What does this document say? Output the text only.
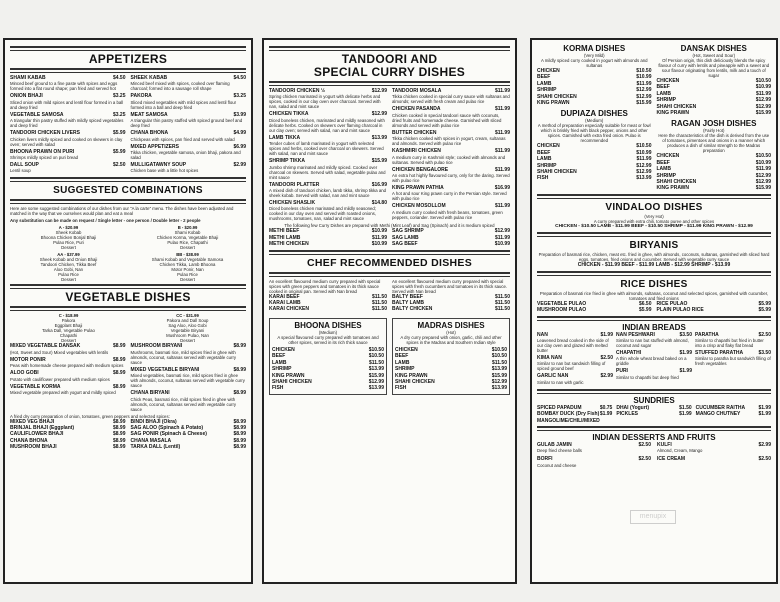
APPETIZERS
SHAMI KABAB	$4.50
Minced beef ground to a fine paste with spices and eggs formed into a flat round shape; pan fried and served hot
ONION BHAJI	$3.25
Sliced onion with mild spices and lentil flour formed in a ball and deep fried
VEGETABLE SAMOSA	$3.25
A triangular thin pastry stuffed with mildly spiced vegetables and deep fried
TANDOORI CHICKEN LIVERS	$5.99
Chicken livers mildly spiced and cooked on skewers in clay oven; served with salad
BHOONA PRAWN ON PURI	$5.99
Shrimps mildly spiced on puri bread
DALL SOUP	$2.50
Lentil soup
SHEEK KABAB	$4.50
Minced beef mixed with spices, cooked over flaming charcoal; formed into a sausage roll shape
PAKORA	$3.25
Sliced mixed vegetables with mild spices and lentil flour formed into a ball and deep fried
MEAT SAMOSA	$3.99
A triangular thin pastry stuffed with spiced ground beef and deep fried
CHANA BHONA	$4.99
Chickpeas with spices, pan fried and served with salad
MIXED APPETIZERS	$6.99
Tikka chicken, vegetable samosa, onion bhaji, pakora and salad
MULLIGATAWNY SOUP	$2.99
Chicken base with a little hot spices
SUGGESTED COMBINATIONS
Here are some suggested combinations of our dishes from our "A la carte" menu. The dishes have been adjusted and matched in the way that we ourselves would plan and eat a meal
Any substitution can be made on request / Single letter - one person / Double letter - 2 people
A - $20.99
Sheek Kobab
Bhoona Chicken Bonjal Bhaji
Pulao Rice, Puri
Dessert
B - $20.99
Shami Kobab
Chicken Korma, Vegetable Bhaji
Pulao Rice, Chapathi
Dessert
AA - $37.99
Sheek Kobab and Onion Bhaji
Tandoori Chicken, Tikka Beef
Aloo Gobi, Nan
Pulao Rice
Dessert
BB - $38.99
Shami Kobab and Vegetable Samosa
Chicken Tikka, Lamb Bhoona
Motor Ponir, Nan
Pulao Rice
Dessert
VEGETABLE DISHES
C - $18.99
Pakora
Eggplant Bhaji
Tarka Dall, Vegetable Pulao
Chapathi
Dessert
CC - $31.99
Pakora and Dall Soup
Sag Aloo, Aloo Gobi
Vegetable Biryani
Mushroom Pulao, Nan
Dessert
MIXED VEGETABLE DANSAK	$8.99
(Hot, Sweet and Sour) Mixed vegetables with lentils
MOTOR PONIR	$8.99
Peas with homemade cheese prepared with medium spices
ALOO GOBI	$8.99
Potato with cauliflower prepared with medium spices
VEGETABLE KORMA	$8.99
Mixed vegetable prepared with yogurt and mildly spiced
MUSHROOM BIRYANI	$8.99
Mushrooms, basmati rice, mild spices fried in ghee with almonds, coconut, sultanas served with vegetable curry sauce
MIXED VEGETABLE BIRYANI	$8.99
Mixed vegetables, basmati rice, mild spices fried in ghee with almonds, coconut, sultanas served with vegetable curry sauce
CHANA BIRYANI	$8.99
Chick Peas, basmati rice, mild spices fried in ghee with almonds, coconut, sultanas served with vegetable curry sauce
A fried dry curry preparation of onion, tomatoes, green peppers and selected spices:
MIXED VEG BHAJI	$8.99
BRINJAL BHAJI (Eggplant)	$8.99
CAULIFLOWER BHAJI	$8.99
CHANA BHONA	$8.99
MUSHROOM BHAJI	$8.99
BINDI BHAJI (Okra)	$8.99
SAG ALOO (Spinach & Potato)	$8.99
SAG PONIR (Spinach & Cheese)	$8.99
CHANA MASALA	$8.99
TARKA DALL (Lentil)	$8.99
TANDOORI AND
SPECIAL CURRY DISHES
TANDOORI CHICKEN ½	$12.99
Spring chicken marinated in yogurt with delicate herbs and spices, cooked in our clay oven over charcoal. Served with nan, salad and mint sauce
CHICKEN TIKKA	$12.99
Diced boneless chicken, marinated and mildly seasoned with delicate herbs. Cooked on skewers over flaming charcoal in our clay oven; served with salad, nan and mint sauce
LAMB TIKKA	$13.99
Tender cubes of lamb marinated in yogurt with selected spices and herbs, cooked over charcoal on skewers. Served with salad, nan and mint sauce
SHRIMP TIKKA	$15.99
Jumbo shrimp marinated and mildly spiced. Cooked over charcoal on skewers. Served with salad, vegetable pulao and mint sauce
TANDOORI PLATTER	$16.99
A mixed dish of tandoori chicken, lamb tikka, shrimp tikka and sheek kobab. Served with salad, nan and mint sauce
CHICKEN SHASLIK	$14.80
Diced boneless chicken marinated and mildly seasoned; cooked in our clay oven and served with roasted onions, mushrooms, tomatoes, nan, salad and mint sauce
TANDOORI MOSALA	$11.99
Tikka chicken cooked in special curry sauce with sultanas and almonds; served with fresh cream and pulao rice
CHICKEN PASANDA	$11.99
Chicken cooked in special tandoori sauce with coconuts, dried fruits and homemade cheese. Garnished with sliced almonds and served with pulao rice
BUTTER CHICKEN	$11.99
Tikka chicken cooked with spices in yogurt, cream, sultanas and almonds. Served with pulao rice
KASHMIRI CHICKEN	$11.99
A medium curry in Kashmiri style; cooked with almonds and sultanas. Served with pulao rice
CHICKEN BENGALORE	$11.99
An extra hot highly flavoured curry, only for the daring. Served with pulao rice
KING PRAWN PATHIA	$16.99
A hot and sour King prawn curry in the Persian style. Served with pulao rice
CHICKEN MOSOLLOM	$11.99
A medium curry cooked with fresh beans, tomatoes, green peppers, coriander. Served with pulao rice
The following few Curry Dishes are prepared with Methi (Mint Leaf) and Sag (Spinach) and it is medium spiced
METHI BEEF	$10.99
METHI LAMB	$11.99
METHI CHICKEN	$10.99
SAG SHRIMP	$12.99
SAG LAMB	$11.99
SAG BEEF	$10.99
CHEF RECOMMENDED DISHES
An excellent flavoured medium curry prepared with special spices with green peppers and tomatoes in its thick sauce cooked in original pan. Served with Nan bread
KARAI BEEF	$11.50
KARAI LAMB	$11.50
KARAI CHICKEN	$11.50
An excellent flavoured medium curry prepared with special spices with fresh cucumbers and tomatoes in its thick sauce. Served with Nan bread
BALTY BEEF	$11.50
BALTY LAMB	$11.50
BALTY CHICKEN	$11.50
BHOONA DISHES
(Medium)
A special flavoured curry prepared with tomatoes and other spices, served in its rich thick sauce
CHICKEN	$10.50
BEEF	$10.50
LAMB	$11.50
SHRIMP	$13.99
KING PRAWN	$15.99
SHAHI CHICKEN	$12.99
FISH	$13.99
MADRAS DISHES
(Hot)
A dry curry prepared with onion, garlic, chili and other spices in the Madras and Southern Indian style
CHICKEN	$10.50
BEEF	$10.50
LAMB	$11.50
SHRIMP	$13.99
KING PRAWN	$15.99
SHAHI CHICKEN	$12.99
FISH	$13.99
KORMA DISHES
(Very Mild)
A mildly spiced curry cooked in yogurt with almonds and sultanas
CHICKEN	$10.50
BEEF	$10.99
LAMB	$11.99
SHRIMP	$12.99
SHAHI CHICKEN	$12.99
KING PRAWN	$15.99
DUPIAZA DISHES
(Medium)
A method of preparation especially suitable for meat or fowl which is briskly fried with black pepper, onions and other spices. Garnished with extra fried onion. Pulao is recommended
CHICKEN	$10.50
BEEF	$10.99
LAMB	$11.99
SHRIMP	$12.99
SHAHI CHICKEN	$12.99
FISH	$13.99
DANSAK DISHES
(Hot, Sweet and Sour)
Of Persion origin, this dish deliciously blends the spicy flavour of curry with lentils and pineapple with a sweet and sour flavour originating from lentils, milk and a touch of sugar
CHICKEN	$10.50
BEEF	$10.99
LAMB	$11.99
SHRIMP	$12.99
SHAHI CHICKEN	$12.99
KING PRAWN	$15.99
RAGAN JOSH DISHES
(Fairly Hot)
Here the characteristics of the dish is derived from the use of tomatoes, pimentoes and onions in a manner which produces a dish of similar strength to the Madras preparation
CHICKEN	$10.50
BEEF	$10.99
LAMB	$11.99
SHRIMP	$12.99
SHAHI CHICKEN	$12.99
KING PRAWN	$15.99
VINDALOO DISHES
(Very Hot)
A curry prepared with extra chili, tomato puree and other spices
CHICKEN - $10.50 LAMB - $11.99 BEEF - $10.50 SHRIMP - $11.99 KING PRAWN - $12.99
BIRYANIS
Preparation of basmati rice, chicken, meat etc. fried in ghee, with almonds, coconuts, sultanas, garnished with sliced hard eggs, tomatoes, fried onions and cucumber. Served with vegetable curry sauce
CHICKEN - $11.99 BEEF - $11.99 LAMB - $12.99 SHRIMP - $13.99
RICE DISHES
Preparation of basmati rice fried in ghee with almonds, sultanas, coconut and selected spices, garnished with cucumber, tomatoes and fried onions
VEGETABLE PULAO	$6.50
MUSHROOM PULAO	$5.99
RICE PULAO	$5.99
PLAIN PULAO RICE	$5.99
INDIAN BREADS
NAN	$1.99
Leavened bread cooked in the side of our clay oven and glazed with melted butter
KIMA NAN	$2.50
Similar to nan but sandwich filling of spiced ground beef
GARLIC NAN	$2.99
Similar to nan with garlic
NAN PESHWARI	$3.50
Similar to nan but stuffed with almond, coconut and sugar
CHAPATHI	$1.99
A thin whole wheat bread baked on a griddle
PURI	$1.99
Similar to chapathi but deep fried
PARATHA	$2.50
Similar to chapathi but fried in butter into a crisp and flaky flat bread
STUFFED PARATHA	$3.50
Similar to paratha but sandwich filling of fresh vegetables
SUNDRIES
SPICED PAPADUM	$0.75 DHAI (Yogurt)	$1.50 CUCUMBER RAITHA	$1.99
BOMBAY DUCK (Dry Fish) $1.99 PICKLES	$1.99 MANGO CHUTNEY	$1.99
MANGOLIME/CHILI/MIXED
INDIAN DESSERTS AND FRUITS
GULAB JAMIN	$2.50
Deep fried cheese balls
KULFI	$2.99
Almond, Cream, Mango
BORFI	$2.50
Coconut and cheese
ICE CREAM	$2.50
menupix
